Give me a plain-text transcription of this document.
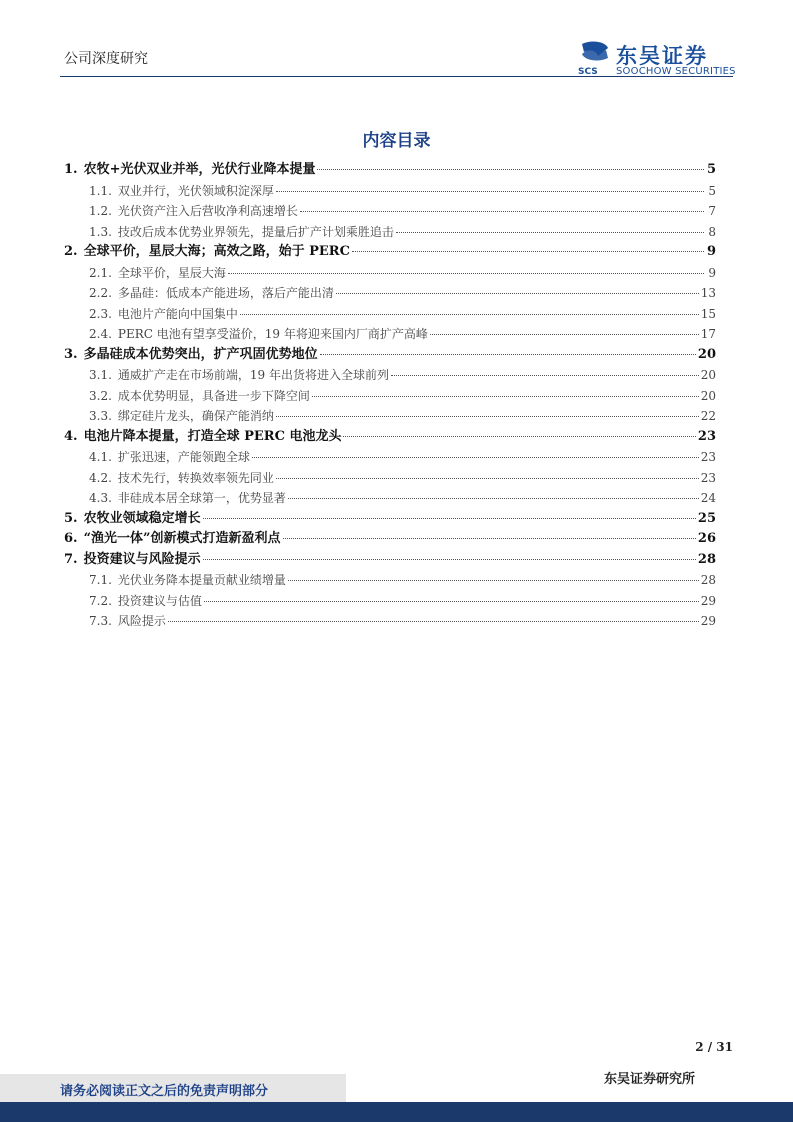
公司深度研究
SCS
东吴证券
SOOCHOW SECURITIES
内容目录
1. 农牧+光伏双业并举，光伏行业降本提量	5
1.1. 双业并行，光伏领域积淀深厚	5
1.2. 光伏资产注入后营收净利高速增长	7
1.3. 技改后成本优势业界领先，提量后扩产计划乘胜追击	8
2. 全球平价，星辰大海；高效之路，始于 PERC	9
2.1. 全球平价，星辰大海	9
2.2. 多晶硅：低成本产能进场，落后产能出清	13
2.3. 电池片产能向中国集中	15
2.4. PERC 电池有望享受溢价，19 年将迎来国内厂商扩产高峰	17
3. 多晶硅成本优势突出，扩产巩固优势地位	20
3.1. 通威扩产走在市场前端，19 年出货将进入全球前列	20
3.2. 成本优势明显，具备进一步下降空间	20
3.3. 绑定硅片龙头，确保产能消纳	22
4. 电池片降本提量，打造全球 PERC 电池龙头	23
4.1. 扩张迅速，产能领跑全球	23
4.2. 技术先行，转换效率领先同业	23
4.3. 非硅成本居全球第一，优势显著	24
5. 农牧业领域稳定增长	25
6. “渔光一体”创新模式打造新盈利点	26
7. 投资建议与风险提示	28
7.1. 光伏业务降本提量贡献业绩增量	28
7.2. 投资建议与估值	29
7.3. 风险提示	29
2 / 31
请务必阅读正文之后的免责声明部分
东吴证券研究所
